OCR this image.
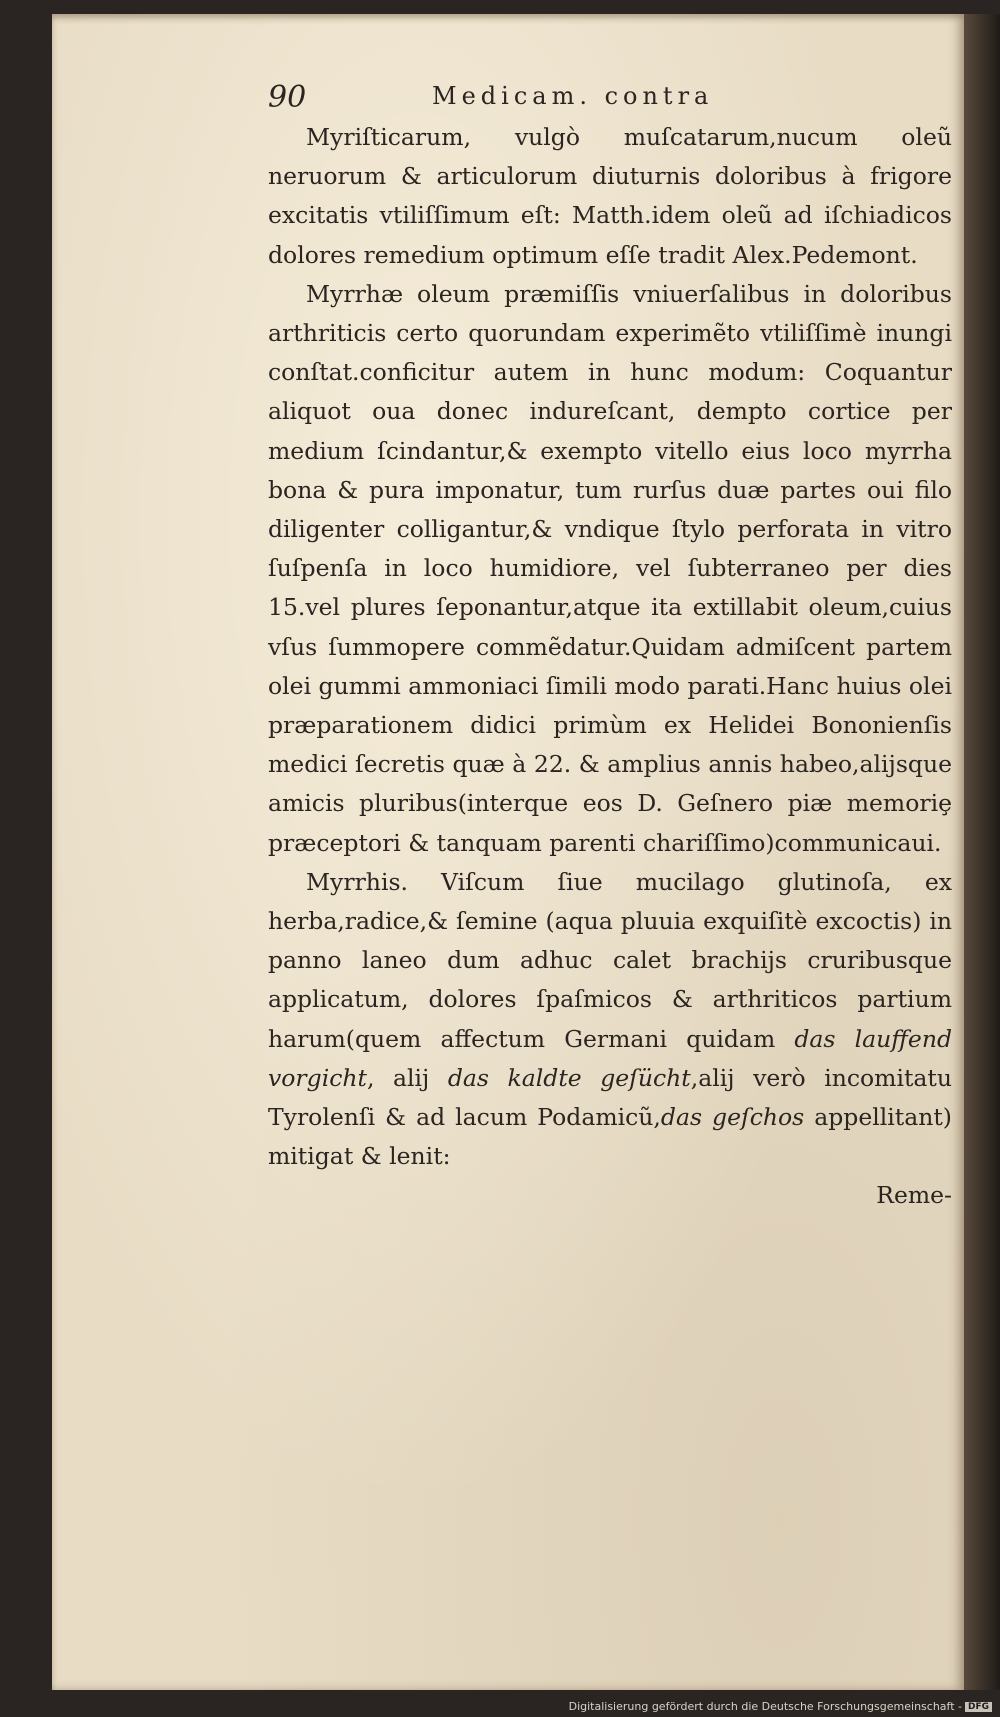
90	Medicam. contra

Myriſticarum, vulgò muſcatarum,nucum oleũ neruorum & articulorum diuturnis doloribus à frigore excitatis vtiliſſimum eſt: Matth.idem oleũ ad iſchiadicos dolores remedium optimum eſſe tradit Alex.Pedemont.

Myrrhæ oleum præmiſſis vniuerſalibus in doloribus arthriticis certo quorundam experimẽto vtiliſſimè inungi conſtat.conficitur autem in hunc modum: Coquantur aliquot oua donec indureſcant, dempto cortice per medium ſcindantur,& exempto vitello eius loco myrrha bona & pura imponatur, tum rurſus duæ partes oui filo diligenter colligantur,& vndique ſtylo perforata in vitro ſuſpenſa in loco humidiore, vel ſubterraneo per dies 15.vel plures ſeponantur,atque ita extillabit oleum,cuius vſus ſummopere commẽdatur.Quidam admiſcent partem olei gummi ammoniaci ſimili modo parati.Hanc huius olei præparationem didici primùm ex Helidei Bononienſis medici ſecretis quæ à 22. & amplius annis habeo,alijsque amicis pluribus(interque eos D. Geſnero piæ memoriȩ præceptori & tanquam parenti chariſſimo)communicaui.

Myrrhis. Viſcum ſiue mucilago glutinoſa, ex herba,radice,& ſemine (aqua pluuia exquiſitè excoctis) in panno laneo dum adhuc calet brachijs cruribusque applicatum, dolores ſpaſmicos & arthriticos partium harum(quem affectum Germani quidam das lauffend vorgicht, alij das kaldte geſücht,alij verò incomitatu Tyrolenſi & ad lacum Podamicũ,das geſchos appellitant) mitigat & lenit:

Reme-

Digitalisierung gefördert durch die Deutsche Forschungsgemeinschaft - DFG
